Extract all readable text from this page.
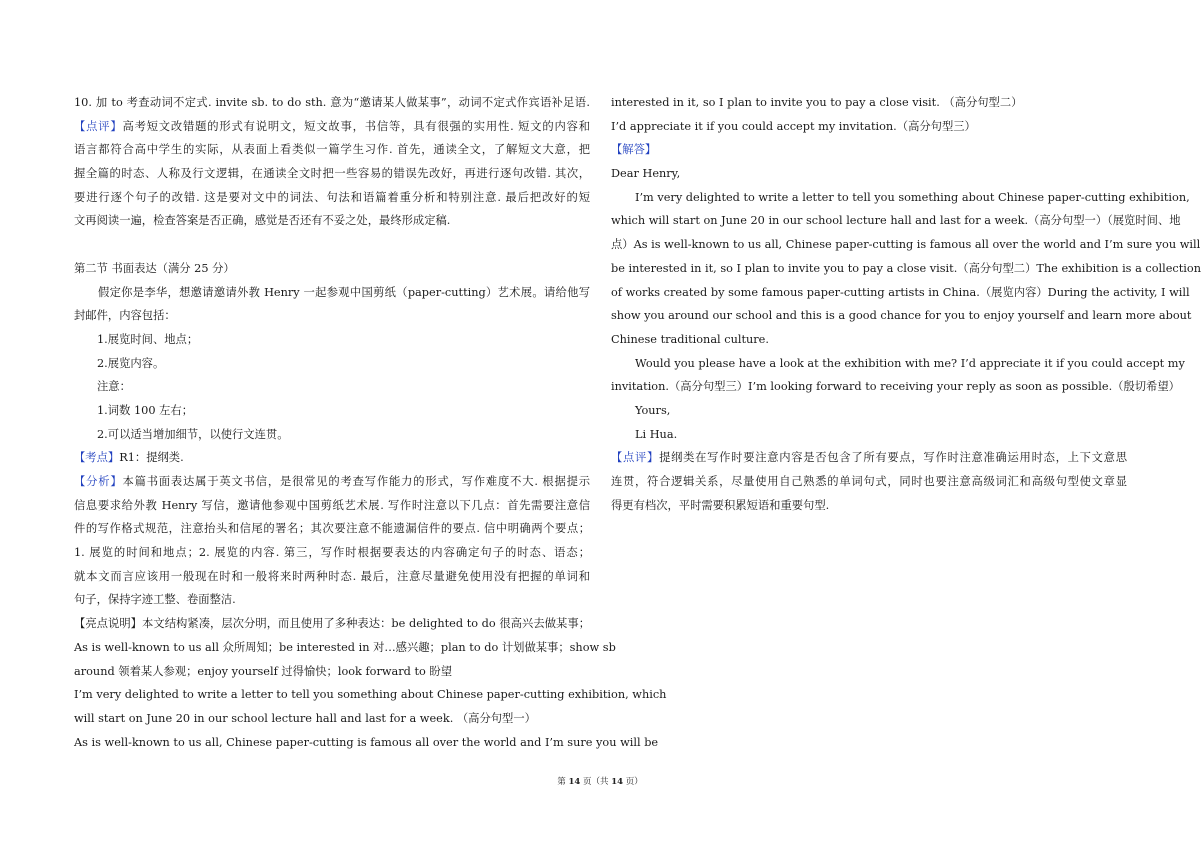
10. 加 to 考查动词不定式. invite sb. to do sth. 意为“邀请某人做某事”，动词不定式作宾语补足语.
【点评】高考短文改错题的形式有说明文，短文故事，书信等，具有很强的实用性. 短文的内容和
语言都符合高中学生的实际，从表面上看类似一篇学生习作. 首先，通读全文，了解短文大意，把
握全篇的时态、人称及行文逻辑，在通读全文时把一些容易的错误先改好，再进行逐句改错. 其次，
要进行逐个句子的改错. 这是要对文中的词法、句法和语篇着重分析和特别注意. 最后把改好的短
文再阅读一遍，检查答案是否正确，感觉是否还有不妥之处，最终形成定稿.
第二节 书面表达（满分 25 分）
假定你是李华，想邀请邀请外教 Henry 一起参观中国剪纸（paper-cutting）艺术展。请给他写
封邮件，内容包括：
1.展览时间、地点；
2.展览内容。
注意：
1.词数 100 左右；
2.可以适当增加细节，以使行文连贯。
【考点】R1：提纲类.
【分析】本篇书面表达属于英文书信，是很常见的考查写作能力的形式，写作难度不大. 根据提示
信息要求给外教 Henry 写信，邀请他参观中国剪纸艺术展. 写作时注意以下几点：首先需要注意信
件的写作格式规范，注意抬头和信尾的署名；其次要注意不能遗漏信件的要点. 信中明确两个要点；
1. 展览的时间和地点；2. 展览的内容. 第三，写作时根据要表达的内容确定句子的时态、语态；
就本文而言应该用一般现在时和一般将来时两种时态. 最后，注意尽量避免使用没有把握的单词和
句子，保持字迹工整、卷面整洁.
【亮点说明】本文结构紧凑，层次分明，而且使用了多种表达：be delighted to do 很高兴去做某事；
As is well-known to us all 众所周知；be interested in 对…感兴趣；plan to do 计划做某事；show sb
around 领着某人参观；enjoy yourself 过得愉快；look forward to 盼望
I’m very delighted to write a letter to tell you something about Chinese paper-cutting exhibition, which
will start on June 20 in our school lecture hall and last for a week. （高分句型一）
As is well-known to us all, Chinese paper-cutting is famous all over the world and I’m sure you will be
interested in it, so I plan to invite you to pay a close visit. （高分句型二）
I’d appreciate it if you could accept my invitation.（高分句型三）
【解答】
Dear Henry,
I’m very delighted to write a letter to tell you something about Chinese paper-cutting exhibition,
which will start on June 20 in our school lecture hall and last for a week.（高分句型一）（展览时间、地
点）As is well-known to us all, Chinese paper-cutting is famous all over the world and I’m sure you will
be interested in it, so I plan to invite you to pay a close visit.（高分句型二）The exhibition is a collection
of works created by some famous paper-cutting artists in China.（展览内容）During the activity, I will
show you around our school and this is a good chance for you to enjoy yourself and learn more about
Chinese traditional culture.
Would you please have a look at the exhibition with me? I’d appreciate it if you could accept my
invitation.（高分句型三）I’m looking forward to receiving your reply as soon as possible.（殷切希望）
Yours,
Li Hua.
【点评】提纲类在写作时要注意内容是否包含了所有要点，写作时注意准确运用时态，上下文意思
连贯，符合逻辑关系，尽量使用自己熟悉的单词句式，同时也要注意高级词汇和高级句型使文章显
得更有档次，平时需要积累短语和重要句型.
第 14 页（共 14 页）
